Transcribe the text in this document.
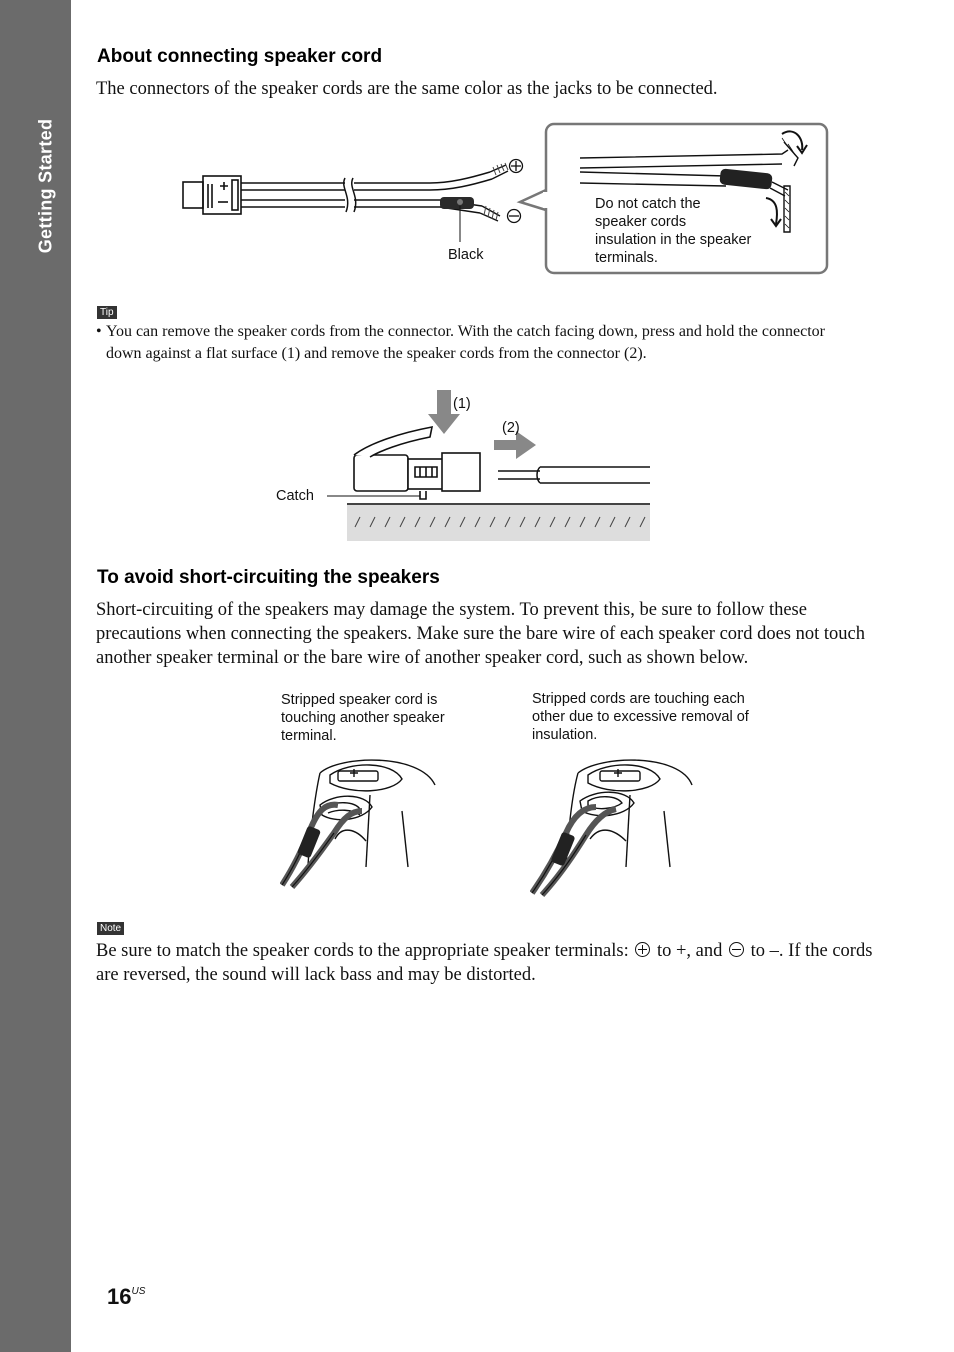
Getting Started
About connecting speaker cord

The connectors of the speaker cords are the same color as the jacks to be connected.

Black

Do not catch the

speaker cords

insulation in the speaker

terminals.

Tip

• You can remove the speaker cords from the connector. With the catch facing down, press and hold the connector
down against a flat surface (1) and remove the speaker cords from the connector (2).

(1)

(2)

Catch

To avoid short-circuiting the speakers

Short-circuiting of the speakers may damage the system. To prevent this, be sure to follow these

precautions when connecting the speakers. Make sure the bare wire of each speaker cord does not touch

another speaker terminal or the bare wire of another speaker cord, such as shown below.

Stripped speaker cord is

touching another speaker

terminal.

Stripped cords are touching each

other due to excessive removal of

insulation.

Note

Be sure to match the speaker cords to the appropriate speaker terminals: to +, and to –. If the cords

are reversed, the sound will lack bass and may be distorted.

$16^{US}$
